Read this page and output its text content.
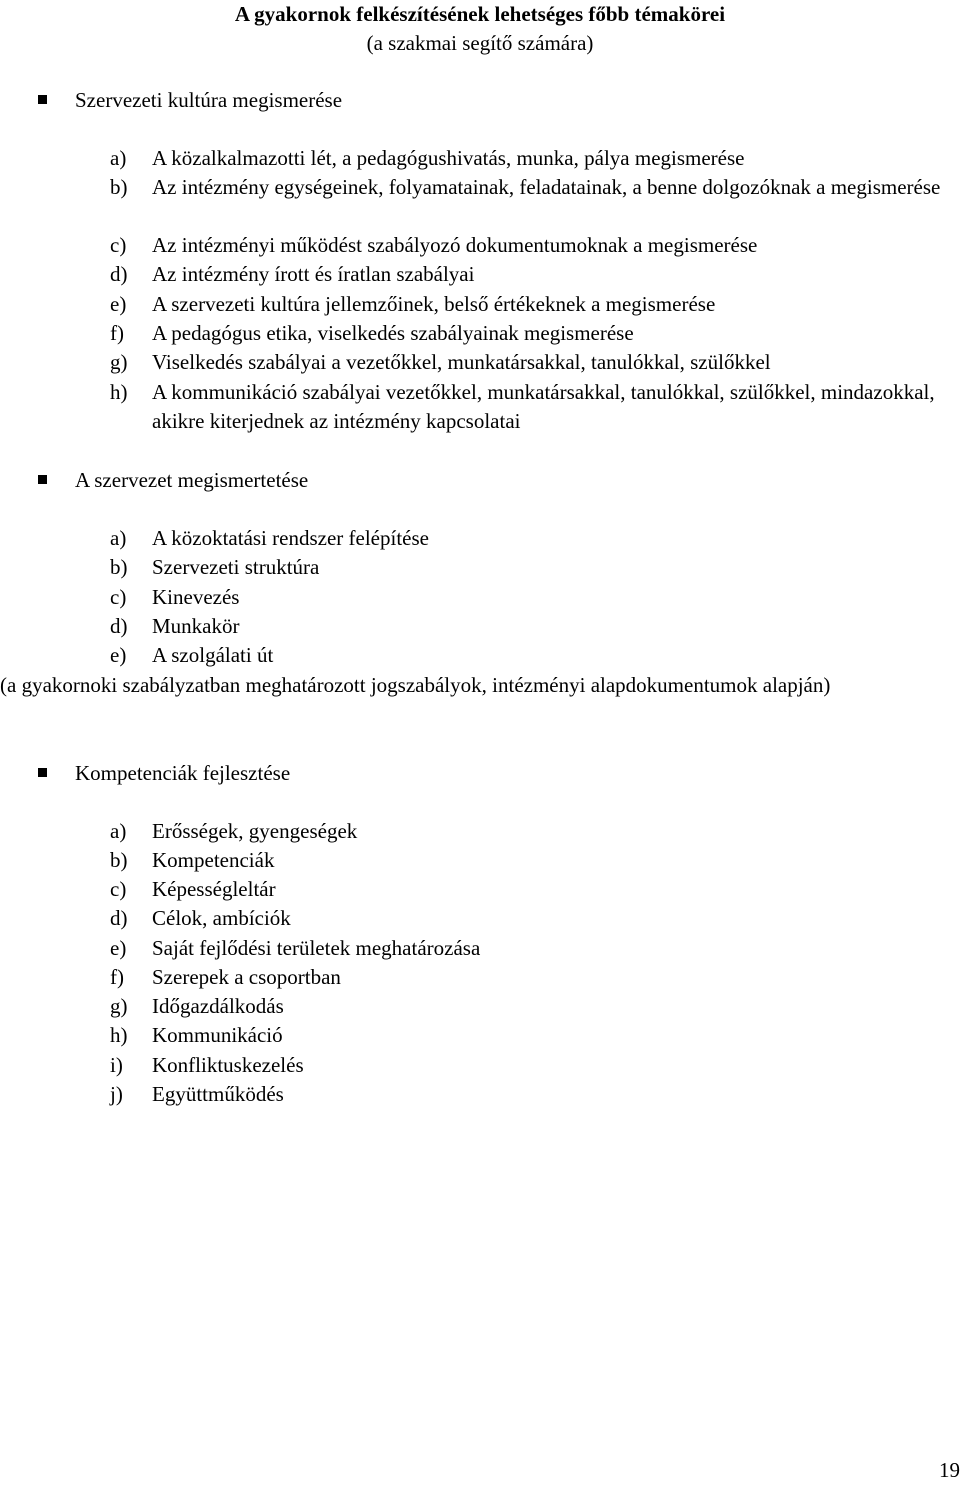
A gyakornok felkészítésének lehetséges főbb témakörei
(a szakmai segítő számára)
Szervezeti kultúra megismerése
a) A közalkalmazotti lét, a pedagógushivatás, munka, pálya megismerése
b) Az intézmény egységeinek, folyamatainak, feladatainak, a benne dolgozóknak a megismerése
c) Az intézményi működést szabályozó dokumentumoknak a megismerése
d) Az intézmény írott és íratlan szabályai
e) A szervezeti kultúra jellemzőinek, belső értékeknek a megismerése
f) A pedagógus etika, viselkedés szabályainak megismerése
g) Viselkedés szabályai a vezetőkkel, munkatársakkal, tanulókkal, szülőkkel
h) A kommunikáció szabályai vezetőkkel, munkatársakkal, tanulókkal, szülőkkel, mindazokkal, akikre kiterjednek az intézmény kapcsolatai
A szervezet megismertetése
a) A közoktatási rendszer felépítése
b) Szervezeti struktúra
c) Kinevezés
d) Munkakör
e) A szolgálati út
(a gyakornoki szabályzatban meghatározott jogszabályok, intézményi alapdokumentumok alapján)
Kompetenciák fejlesztése
a) Erősségek, gyengeségek
b) Kompetenciák
c) Képességleltár
d) Célok, ambíciók
e) Saját fejlődési területek meghatározása
f) Szerepek a csoportban
g) Időgazdálkodás
h) Kommunikáció
i) Konfliktuskezelés
j) Együttműködés
19
